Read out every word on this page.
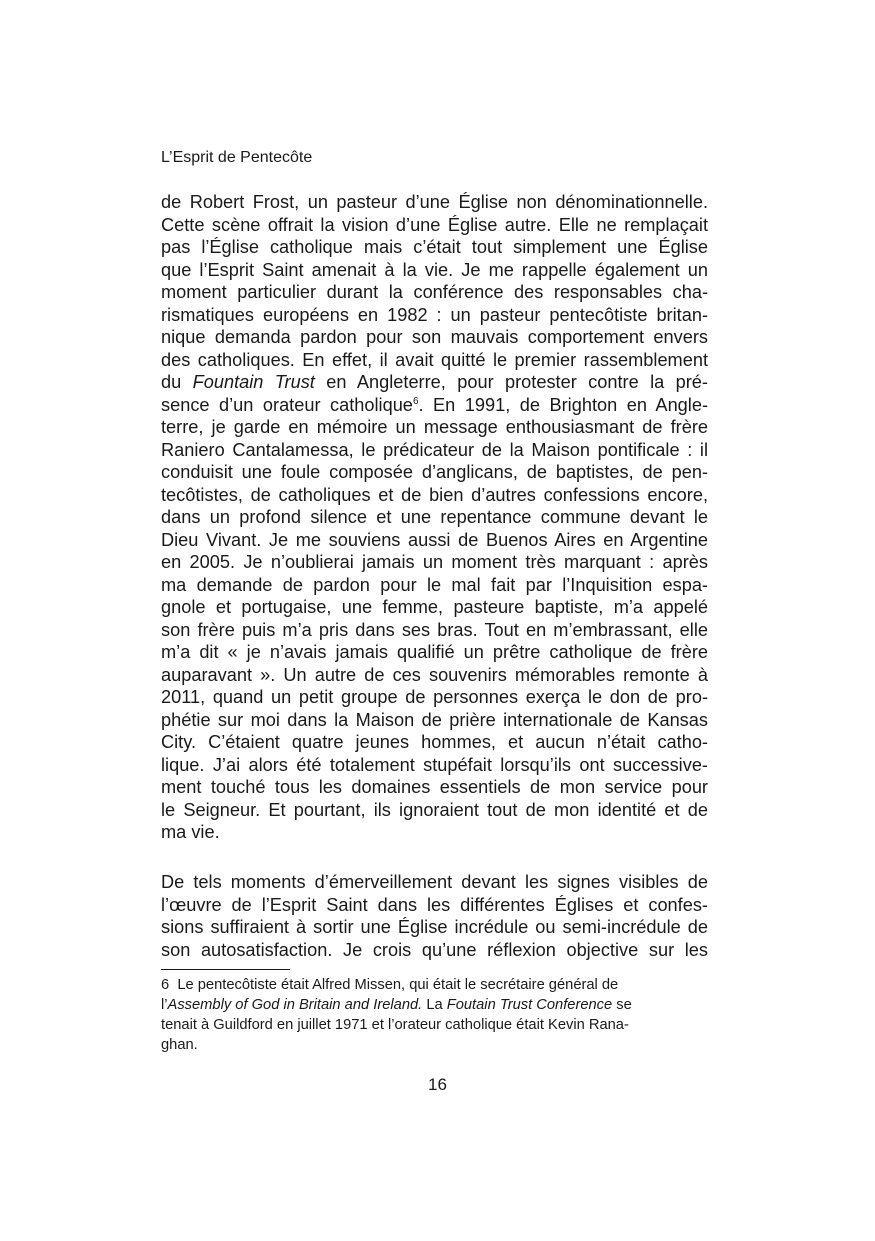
L’Esprit de Pentecôte

de Robert Frost, un pasteur d’une Église non dénominationnelle.
Cette scène offrait la vision d’une Église autre. Elle ne remplaçait
pas l’Église catholique mais c’était tout simplement une Église
que l’Esprit Saint amenait à la vie. Je me rappelle également un
moment particulier durant la conférence des responsables cha-
rismatiques européens en 1982 : un pasteur pentecôtiste britan-
nique demanda pardon pour son mauvais comportement envers
des catholiques. En effet, il avait quitté le premier rassemblement
du Fountain Trust en Angleterre, pour protester contre la pré-
sence d’un orateur catholique$^6$. En 1991, de Brighton en Angle-
terre, je garde en mémoire un message enthousiasmant de frère
Raniero Cantalamessa, le prédicateur de la Maison pontificale : il
conduisit une foule composée d’anglicans, de baptistes, de pen-
tecôtistes, de catholiques et de bien d’autres confessions encore,
dans un profond silence et une repentance commune devant le
Dieu Vivant. Je me souviens aussi de Buenos Aires en Argentine
en 2005. Je n’oublierai jamais un moment très marquant : après
ma demande de pardon pour le mal fait par l’Inquisition espa-
gnole et portugaise, une femme, pasteure baptiste, m’a appelé
son frère puis m’a pris dans ses bras. Tout en m’embrassant, elle
m’a dit « je n’avais jamais qualifié un prêtre catholique de frère
auparavant ». Un autre de ces souvenirs mémorables remonte à
2011, quand un petit groupe de personnes exerça le don de pro-
phétie sur moi dans la Maison de prière internationale de Kansas
City. C’étaient quatre jeunes hommes, et aucun n’était catho-
lique. J’ai alors été totalement stupéfait lorsqu’ils ont successive-
ment touché tous les domaines essentiels de mon service pour
le Seigneur. Et pourtant, ils ignoraient tout de mon identité et de
ma vie.
De tels moments d’émerveillement devant les signes visibles de
l’œuvre de l’Esprit Saint dans les différentes Églises et confes-
sions suffiraient à sortir une Église incrédule ou semi-incrédule de
son autosatisfaction. Je crois qu’une réflexion objective sur les
6 Le pentecôtiste était Alfred Missen, qui était le secrétaire général de
l’Assembly of God in Britain and Ireland. La Foutain Trust Conference se
tenait à Guildford en juillet 1971 et l’orateur catholique était Kevin Rana-
ghan.

16
